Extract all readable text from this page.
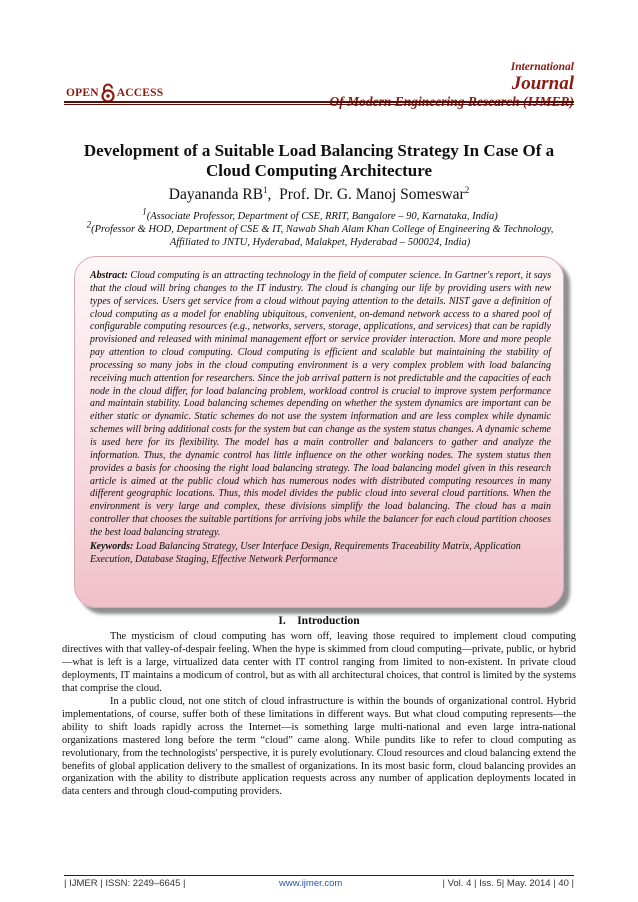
OPEN ACCESS
International
Journal
Of Modern Engineering Research (IJMER)
Development of a Suitable Load Balancing Strategy In Case Of a
Cloud Computing Architecture
Dayananda $RB^1$,  Prof. Dr. G. Manoj Someswar$^2$
$^1$(Associate Professor, Department of CSE, RRIT, Bangalore – 90, Karnataka, India)
$^2$(Professor & HOD, Department of CSE & IT, Nawab Shah Alam Khan College of Engineering & Technology,
Affiliated to JNTU, Hyderabad, Malakpet, Hyderabad – 500024, India)
Abstract: Cloud computing is an attracting technology in the field of computer science. In Gartner's report, it says that the cloud will bring changes to the IT industry. The cloud is changing our life by providing users with new types of services. Users get service from a cloud without paying attention to the details. NIST gave a definition of cloud computing as a model for enabling ubiquitous, convenient, on-demand network access to a shared pool of configurable computing resources (e.g., networks, servers, storage, applications, and services) that can be rapidly provisioned and released with minimal management effort or service provider interaction. More and more people pay attention to cloud computing. Cloud computing is efficient and scalable but maintaining the stability of processing so many jobs in the cloud computing environment is a very complex problem with load balancing receiving much attention for researchers. Since the job arrival pattern is not predictable and the capacities of each node in the cloud differ, for load balancing problem, workload control is crucial to improve system performance and maintain stability. Load balancing schemes depending on whether the system dynamics are important can be either static or dynamic. Static schemes do not use the system information and are less complex while dynamic schemes will bring additional costs for the system but can change as the system status changes. A dynamic scheme is used here for its flexibility. The model has a main controller and balancers to gather and analyze the information. Thus, the dynamic control has little influence on the other working nodes. The system status then provides a basis for choosing the right load balancing strategy. The load balancing model given in this research article is aimed at the public cloud which has numerous nodes with distributed computing resources in many different geographic locations. Thus, this model divides the public cloud into several cloud partitions. When the environment is very large and complex, these divisions simplify the load balancing. The cloud has a main controller that chooses the suitable partitions for arriving jobs while the balancer for each cloud partition chooses the best load balancing strategy.
Keywords: Load Balancing Strategy, User Interface Design, Requirements Traceability Matrix, Application Execution, Database Staging, Effective Network Performance
I.    Introduction

The mysticism of cloud computing has worn off, leaving those required to implement cloud computing directives with that valley-of-despair feeling. When the hype is skimmed from cloud computing—private, public, or hybrid—what is left is a large, virtualized data center with IT control ranging from limited to non-existent. In private cloud deployments, IT maintains a modicum of control, but as with all architectural choices, that control is limited by the systems that comprise the cloud.

In a public cloud, not one stitch of cloud infrastructure is within the bounds of organizational control. Hybrid implementations, of course, suffer both of these limitations in different ways. But what cloud computing represents—the ability to shift loads rapidly across the Internet—is something large multi-national and even large intra-national organizations mastered long before the term “cloud” came along. While pundits like to refer to cloud computing as revolutionary, from the technologists' perspective, it is purely evolutionary. Cloud resources and cloud balancing extend the benefits of global application delivery to the smallest of organizations. In its most basic form, cloud balancing provides an organization with the ability to distribute application requests across any number of application deployments located in data centers and through cloud-computing providers.

| IJMER | ISSN: 2249–6645 |	www.ijmer.com	| Vol. 4 | Iss. 5| May. 2014 | 40 |
